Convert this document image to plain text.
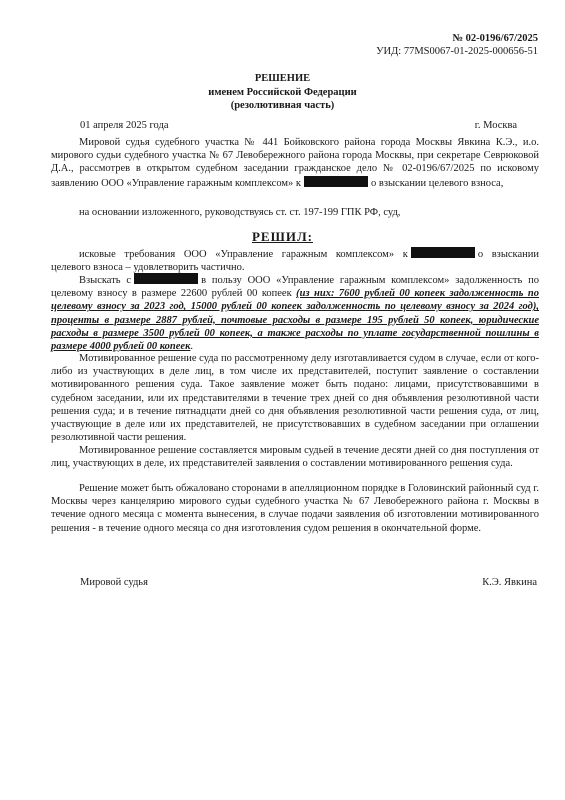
№ 02-0196/67/2025
УИД: 77MS0067-01-2025-000656-51
РЕШЕНИЕ
именем Российской Федерации
(резолютивная часть)
01 апреля 2025 года	г. Москва
Мировой судья судебного участка № 441 Бойковского района города Москвы Явкина К.Э., и.о. мирового судьи судебного участка № 67 Левобережного района города Москвы, при секретаре Севрюковой Д.А., рассмотрев в открытом судебном заседании гражданское дело № 02-0196/67/2025 по исковому заявлению ООО «Управление гаражным комплексом» к	о взыскании целевого взноса,
на основании изложенного, руководствуясь ст. ст. 197-199 ГПК РФ, суд,
РЕШИЛ:
исковые требования ООО «Управление гаражным комплексом» к	о взыскании целевого взноса – удовлетворить частично.
Взыскать с	в пользу ООО «Управление гаражным комплексом» задолженность по целевому взносу в размере 22600 рублей 00 копеек (из них: 7600 рублей 00 копеек задолженность по целевому взносу за 2023 год, 15000 рублей 00 копеек задолженность по целевому взносу за 2024 год), проценты в размере 2887 рублей, почтовые расходы в размере 195 рублей 50 копеек, юридические расходы в размере 3500 рублей 00 копеек, а также расходы по уплате государственной пошлины в размере 4000 рублей 00 копеек.
Мотивированное решение суда по рассмотренному делу изготавливается судом в случае, если от кого-либо из участвующих в деле лиц, в том числе их представителей, поступит заявление о составлении мотивированного решения суда. Такое заявление может быть подано: лицами, присутствовавшими в судебном заседании, или их представителями в течение трех дней со дня объявления резолютивной части решения суда; и в течение пятнадцати дней со дня объявления резолютивной части решения суда, от лиц, участвующие в деле или их представителей, не присутствовавших в судебном заседании при оглашении резолютивной части решения.
Мотивированное решение составляется мировым судьей в течение десяти дней со дня поступления от лиц, участвующих в деле, их представителей заявления о составлении мотивированного решения суда.
Решение может быть обжаловано сторонами в апелляционном порядке в Головинский районный суд г. Москвы через канцелярию мирового судьи судебного участка № 67 Левобережного района г. Москвы в течение одного месяца с момента вынесения, в случае подачи заявления об изготовлении мотивированного решения - в течение одного месяца со дня изготовления судом решения в окончательной форме.
Мировой судья	К.Э. Явкина
